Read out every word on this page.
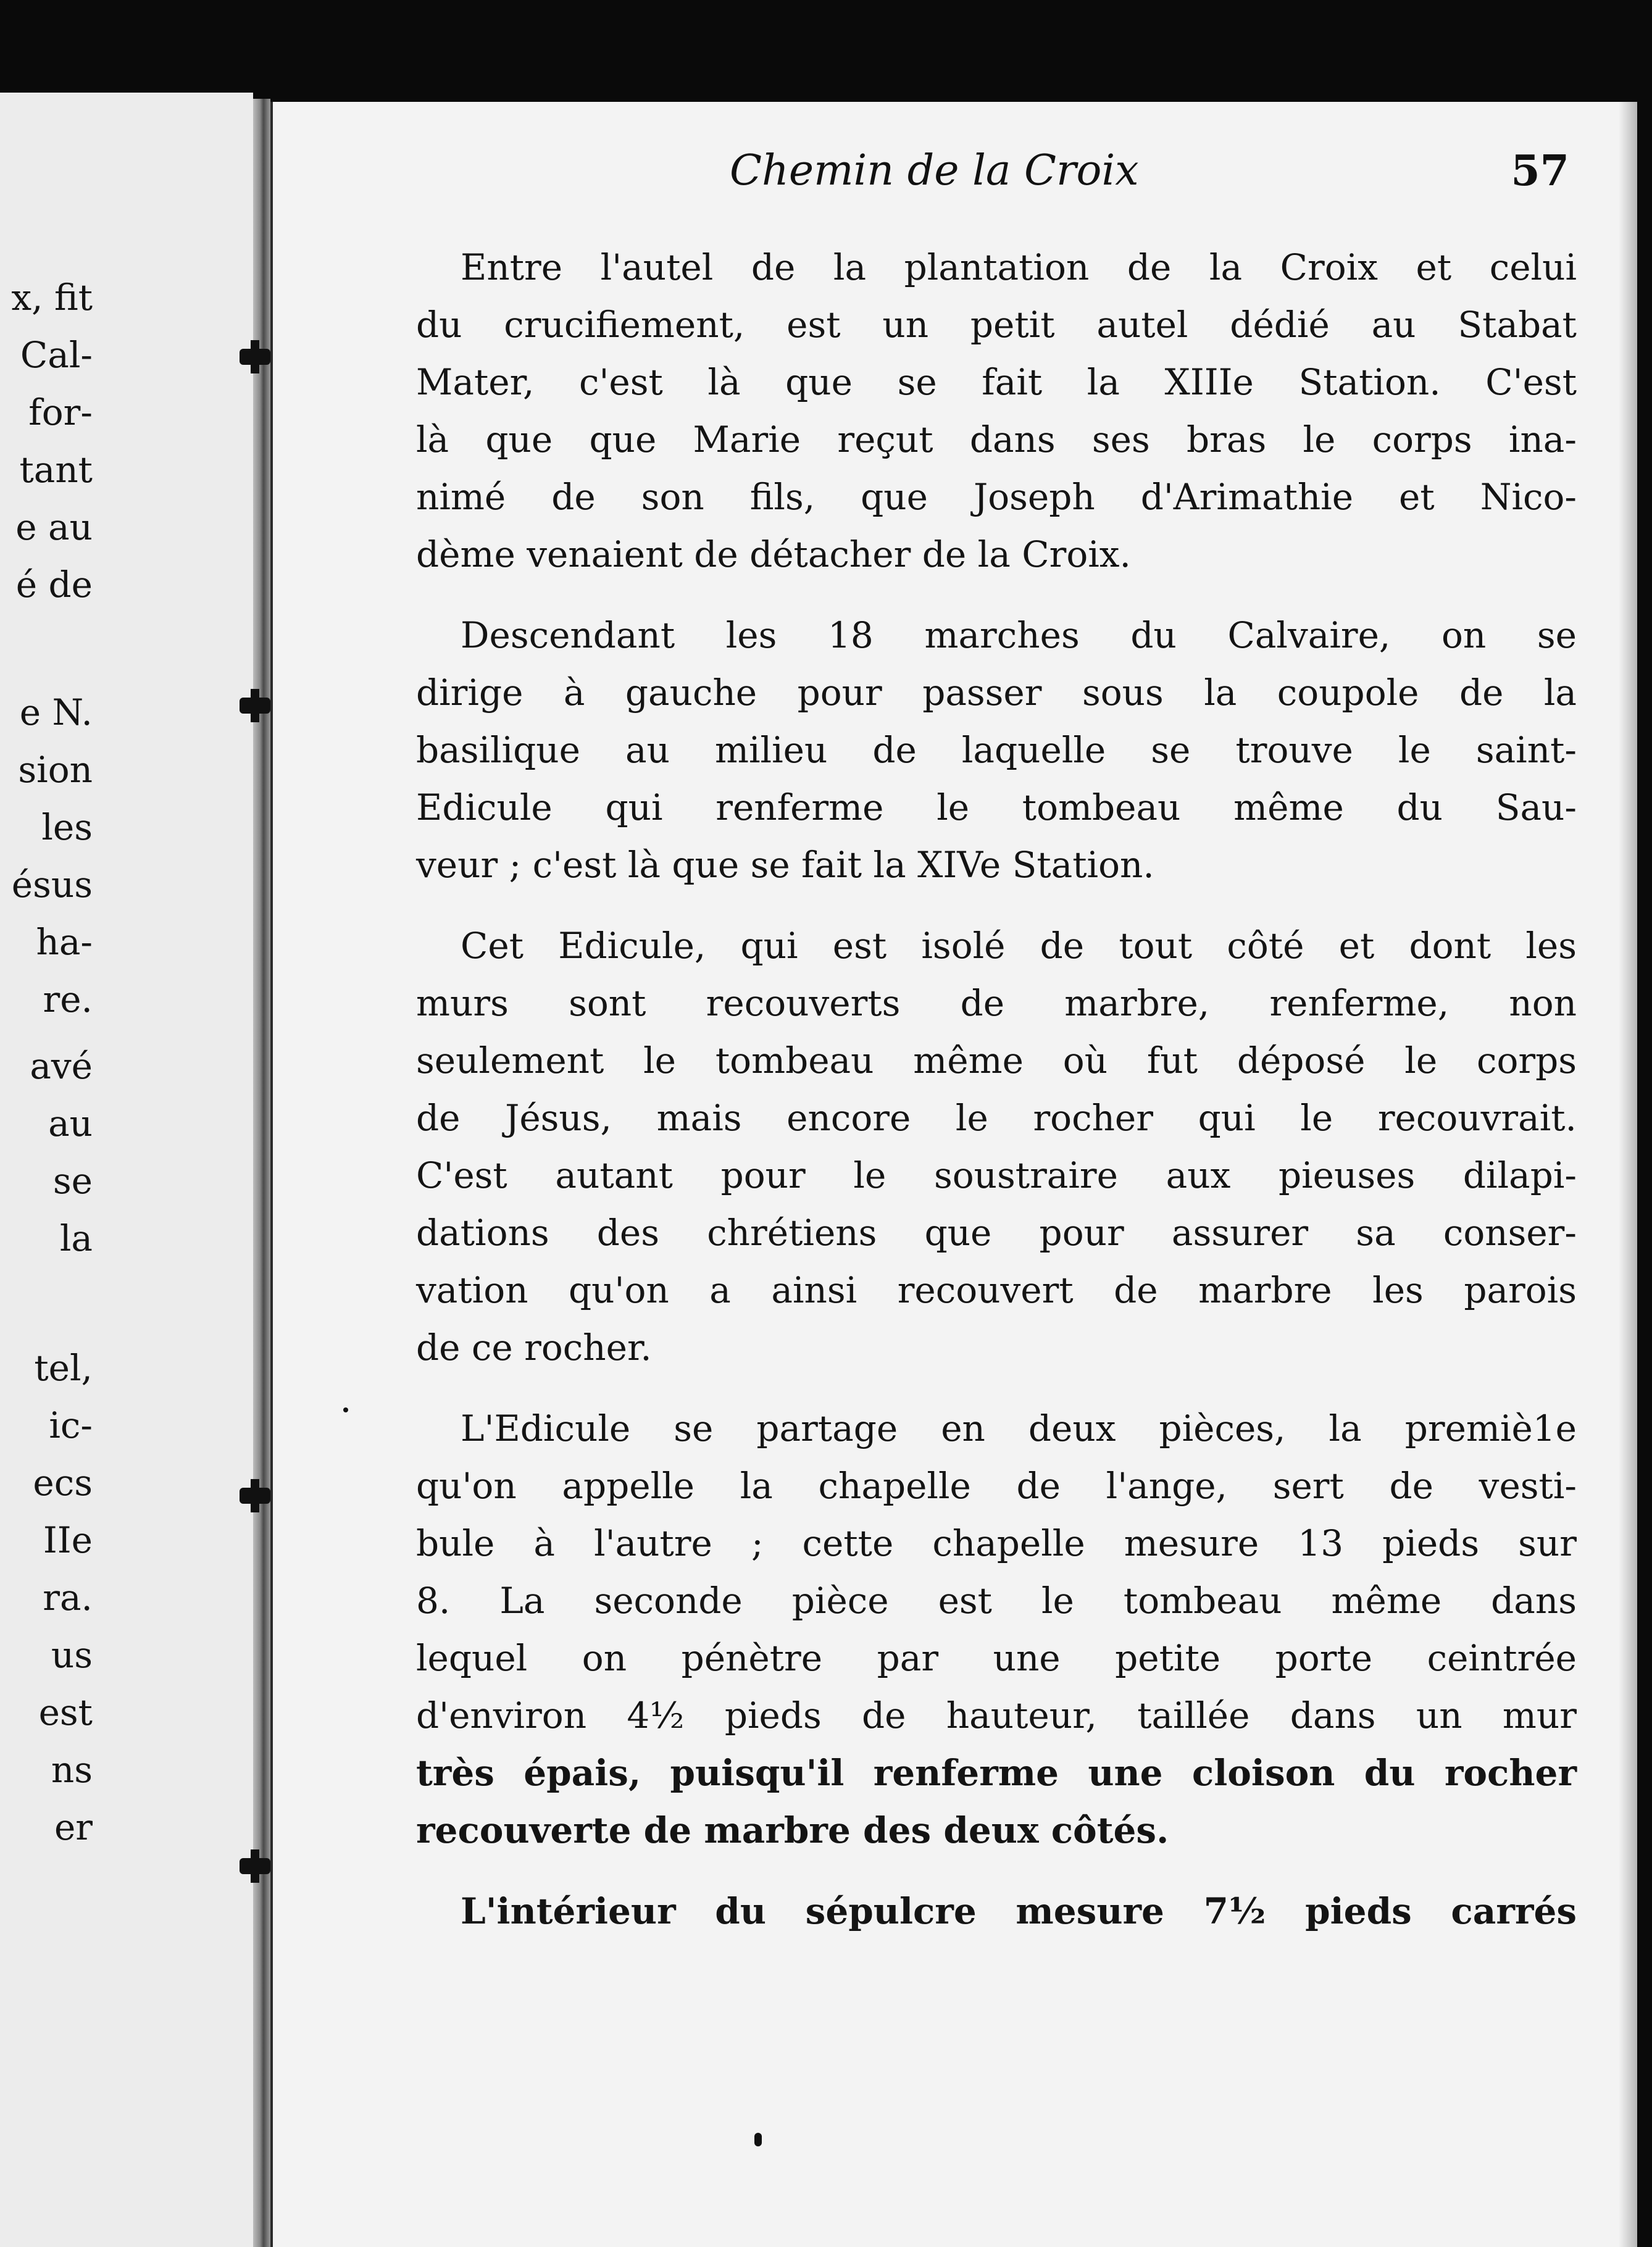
x, fit
Cal-
for-
tant
e au
é de
e N.
sion
les
ésus
ha-
re.
avé
au
se
la
tel,
ic-
ecs
IIe
ra.
us
est
ns
er
Chemin de la Croix	57
Entre l'autel de la plantation de la Croix et celui
du crucifiement, est un petit autel dédié au Stabat
Mater, c'est là que se fait la XIIIe Station. C'est
là que que Marie reçut dans ses bras le corps ina-
nimé de son fils, que Joseph d'Arimathie et Nico-
dème venaient de détacher de la Croix.
Descendant les 18 marches du Calvaire, on se
dirige à gauche pour passer sous la coupole de la
basilique au milieu de laquelle se trouve le saint-
Edicule qui renferme le tombeau même du Sau-
veur ; c'est là que se fait la XIVe Station.
Cet Edicule, qui est isolé de tout côté et dont les
murs sont recouverts de marbre, renferme, non
seulement le tombeau même où fut déposé le corps
de Jésus, mais encore le rocher qui le recouvrait.
C'est autant pour le soustraire aux pieuses dilapi-
dations des chrétiens que pour assurer sa conser-
vation qu'on a ainsi recouvert de marbre les parois
de ce rocher.
L'Edicule se partage en deux pièces, la premiè1e
qu'on appelle la chapelle de l'ange, sert de vesti-
bule à l'autre ; cette chapelle mesure 13 pieds sur
8. La seconde pièce est le tombeau même dans
lequel on pénètre par une petite porte ceintrée
d'environ 4½ pieds de hauteur, taillée dans un mur
très épais, puisqu'il renferme une cloison du rocher
recouverte de marbre des deux côtés.
L'intérieur du sépulcre mesure 7½ pieds carrés
